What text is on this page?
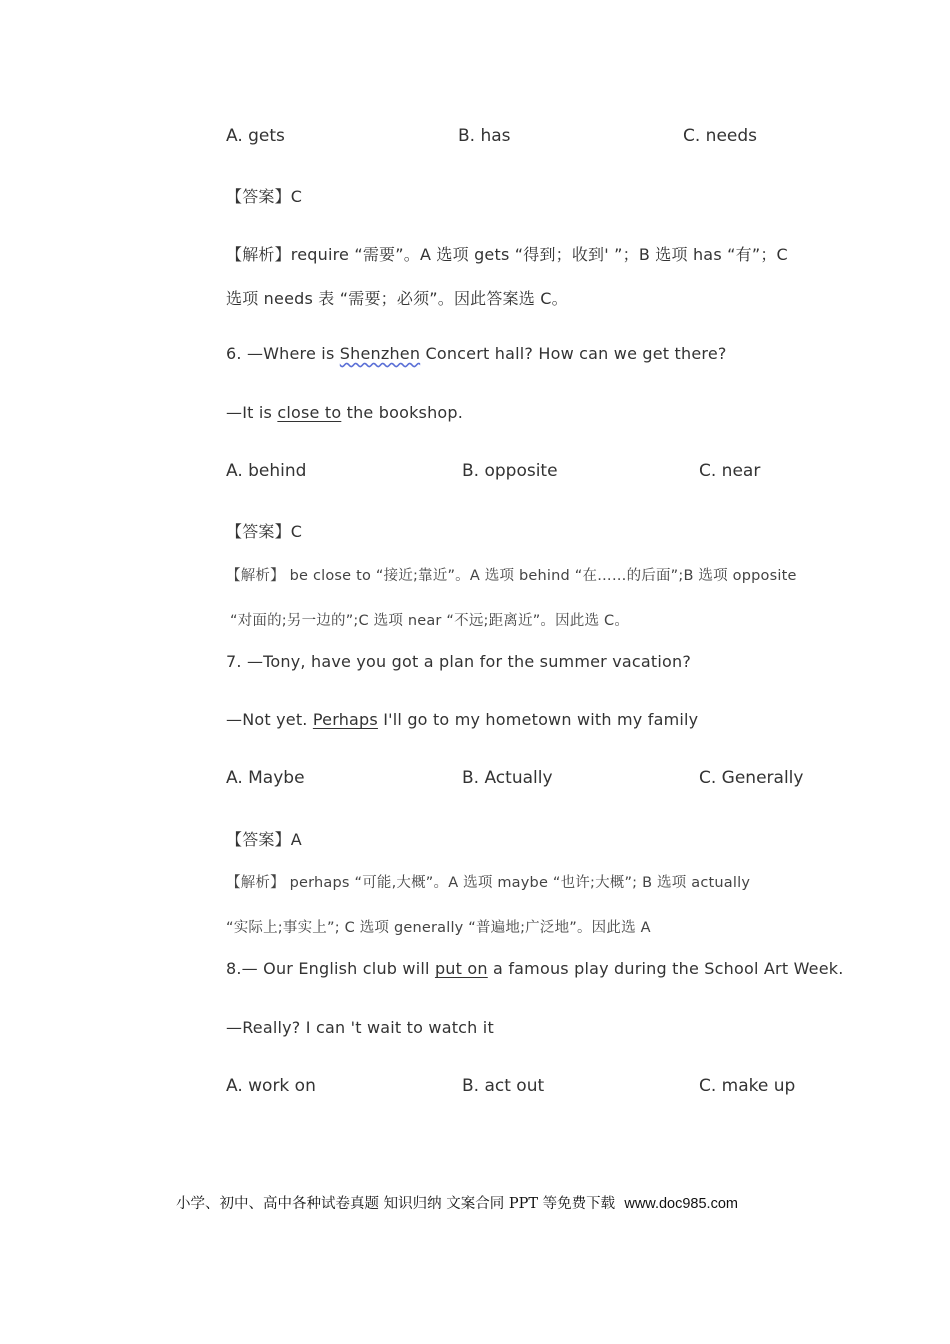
A. gets	B. has	C. needs
【答案】C
【解析】require “需要”。A 选项 gets “得到；收到' ”；B 选项 has “有”；C
选项 needs 表 “需要；必须”。因此答案选 C。
6. —Where is Shenzhen Concert hall? How can we get there?
—It is close to the bookshop.
A. behind	B. opposite	C. near
【答案】C
【解析】 be close to “接近;靠近”。A 选项 behind “在……的后面”;B 选项 opposite
“对面的;另一边的”;C 选项 near “不远;距离近”。因此选 C。
7. —Tony, have you got a plan for the summer vacation?
—Not yet. Perhaps I'll go to my hometown with my family
A. Maybe	B. Actually	C. Generally
【答案】A
【解析】 perhaps “可能,大概”。A 选项 maybe “也许;大概”; B 选项 actually
“实际上;事实上”; C 选项 generally “普遍地;广泛地”。因此选 A
8.— Our English club will put on a famous play during the School Art Week.
—Really? I can 't wait to watch it
A. work on	B. act out	C. make up
小学、初中、高中各种试卷真题 知识归纳 文案合同 PPT 等免费下载 www.doc985.com
